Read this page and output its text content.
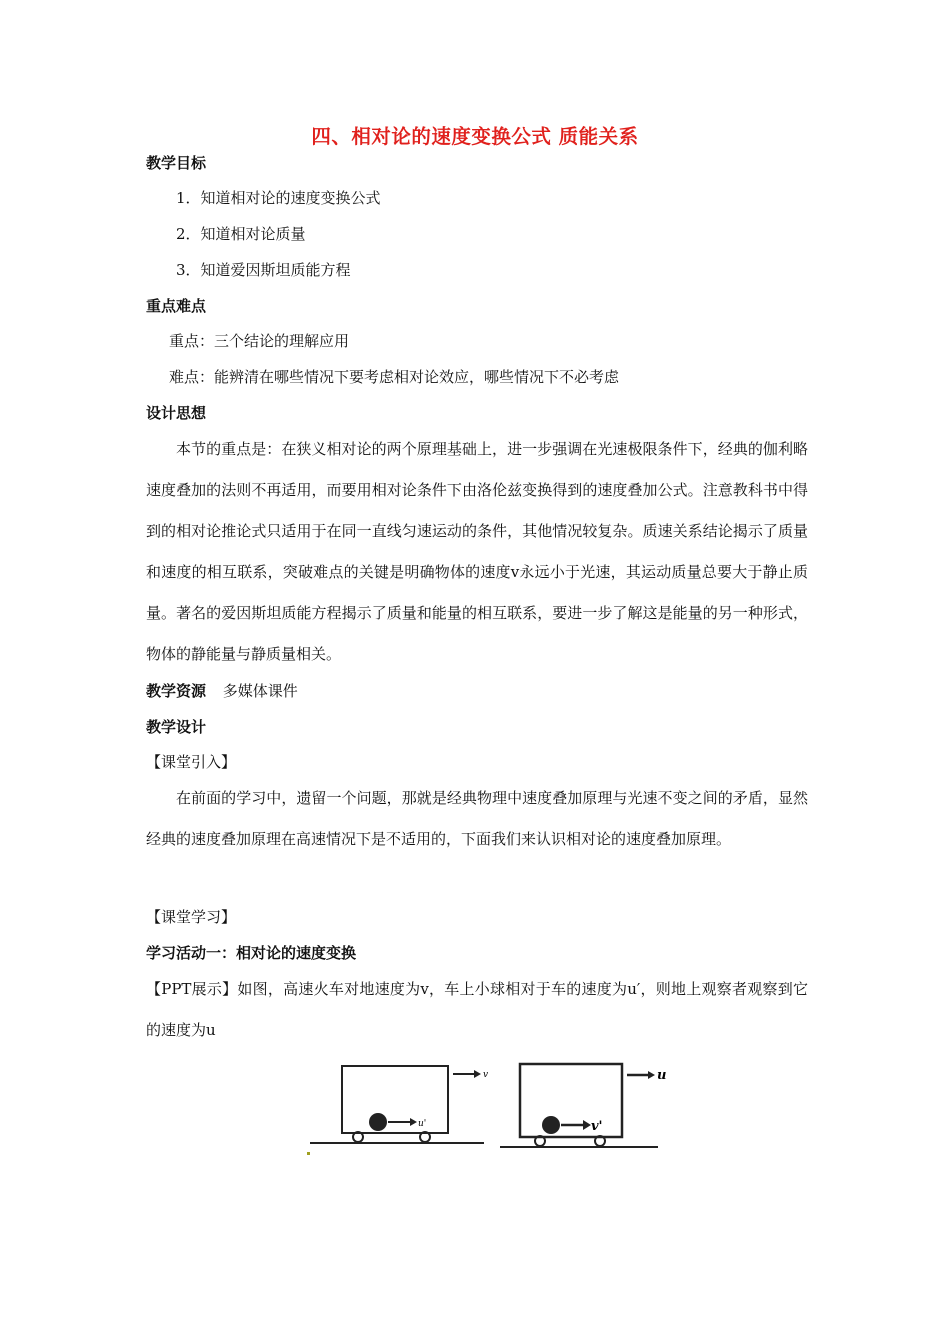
四、相对论的速度变换公式 质能关系
教学目标
1．知道相对论的速度变换公式
2．知道相对论质量
3．知道爱因斯坦质能方程
重点难点
重点：三个结论的理解应用
难点：能辨清在哪些情况下要考虑相对论效应，哪些情况下不必考虑
设计思想
本节的重点是：在狭义相对论的两个原理基础上，进一步强调在光速极限条件下，经典的伽利略速度叠加的法则不再适用，而要用相对论条件下由洛伦兹变换得到的速度叠加公式。注意教科书中得到的相对论推论式只适用于在同一直线匀速运动的条件，其他情况较复杂。质速关系结论揭示了质量和速度的相互联系，突破难点的关键是明确物体的速度v永远小于光速，其运动质量总要大于静止质量。著名的爱因斯坦质能方程揭示了质量和能量的相互联系，要进一步了解这是能量的另一种形式，物体的静能量与静质量相关。
教学资源 多媒体课件
教学设计
【课堂引入】
在前面的学习中，遗留一个问题，那就是经典物理中速度叠加原理与光速不变之间的矛盾，显然经典的速度叠加原理在高速情况下是不适用的，下面我们来认识相对论的速度叠加原理。
【课堂学习】
学习活动一：相对论的速度变换
【PPT展示】如图，高速火车对地速度为v，车上小球相对于车的速度为u′，则地上观察者观察到它的速度为u
u'
v
v'
u
